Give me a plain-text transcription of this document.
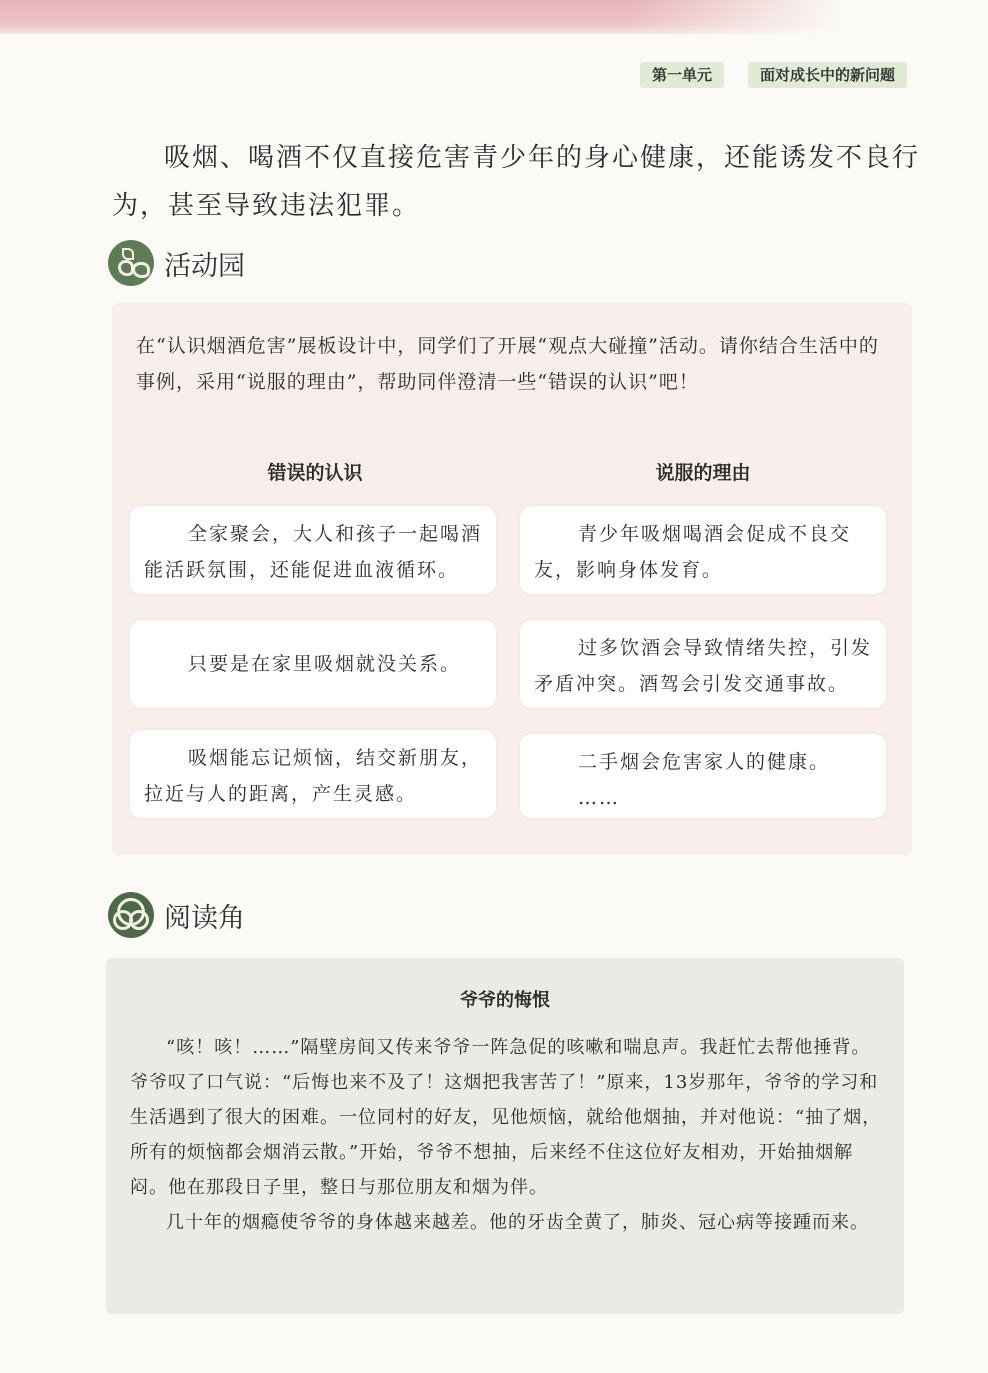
第一单元	面对成长中的新问题
吸烟、喝酒不仅直接危害青少年的身心健康，还能诱发不良行为，甚至导致违法犯罪。
活动园
在“认识烟酒危害”展板设计中，同学们了开展“观点大碰撞”活动。请你结合生活中的事例，采用“说服的理由”，帮助同伴澄清一些“错误的认识”吧！
错误的认识	说服的理由
全家聚会，大人和孩子一起喝酒能活跃氛围，还能促进血液循环。
只要是在家里吸烟就没关系。
吸烟能忘记烦恼，结交新朋友，拉近与人的距离，产生灵感。
青少年吸烟喝酒会促成不良交友，影响身体发育。
过多饮酒会导致情绪失控，引发矛盾冲突。酒驾会引发交通事故。
二手烟会危害家人的健康。
……
阅读角
爷爷的悔恨

“咳！咳！……”隔壁房间又传来爷爷一阵急促的咳嗽和喘息声。我赶忙去帮他捶背。爷爷叹了口气说：“后悔也来不及了！这烟把我害苦了！”原来，13岁那年，爷爷的学习和生活遇到了很大的困难。一位同村的好友，见他烦恼，就给他烟抽，并对他说：“抽了烟，所有的烦恼都会烟消云散。”开始，爷爷不想抽，后来经不住这位好友相劝，开始抽烟解闷。他在那段日子里，整日与那位朋友和烟为伴。

几十年的烟瘾使爷爷的身体越来越差。他的牙齿全黄了，肺炎、冠心病等接踵而来。
